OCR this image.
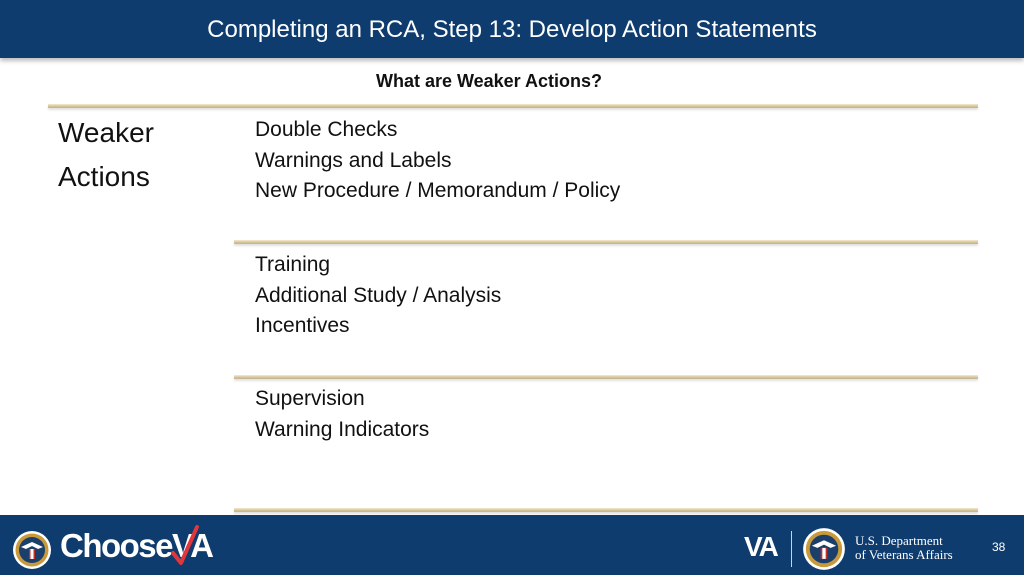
Completing an RCA, Step 13: Develop Action Statements
What are Weaker Actions?
Weaker
Actions
Double Checks
Warnings and Labels
New Procedure / Memorandum / Policy
Training
Additional Study / Analysis
Incentives
Supervision
Warning Indicators
ChooseVA	VA	U.S. Department
of Veterans Affairs	38
